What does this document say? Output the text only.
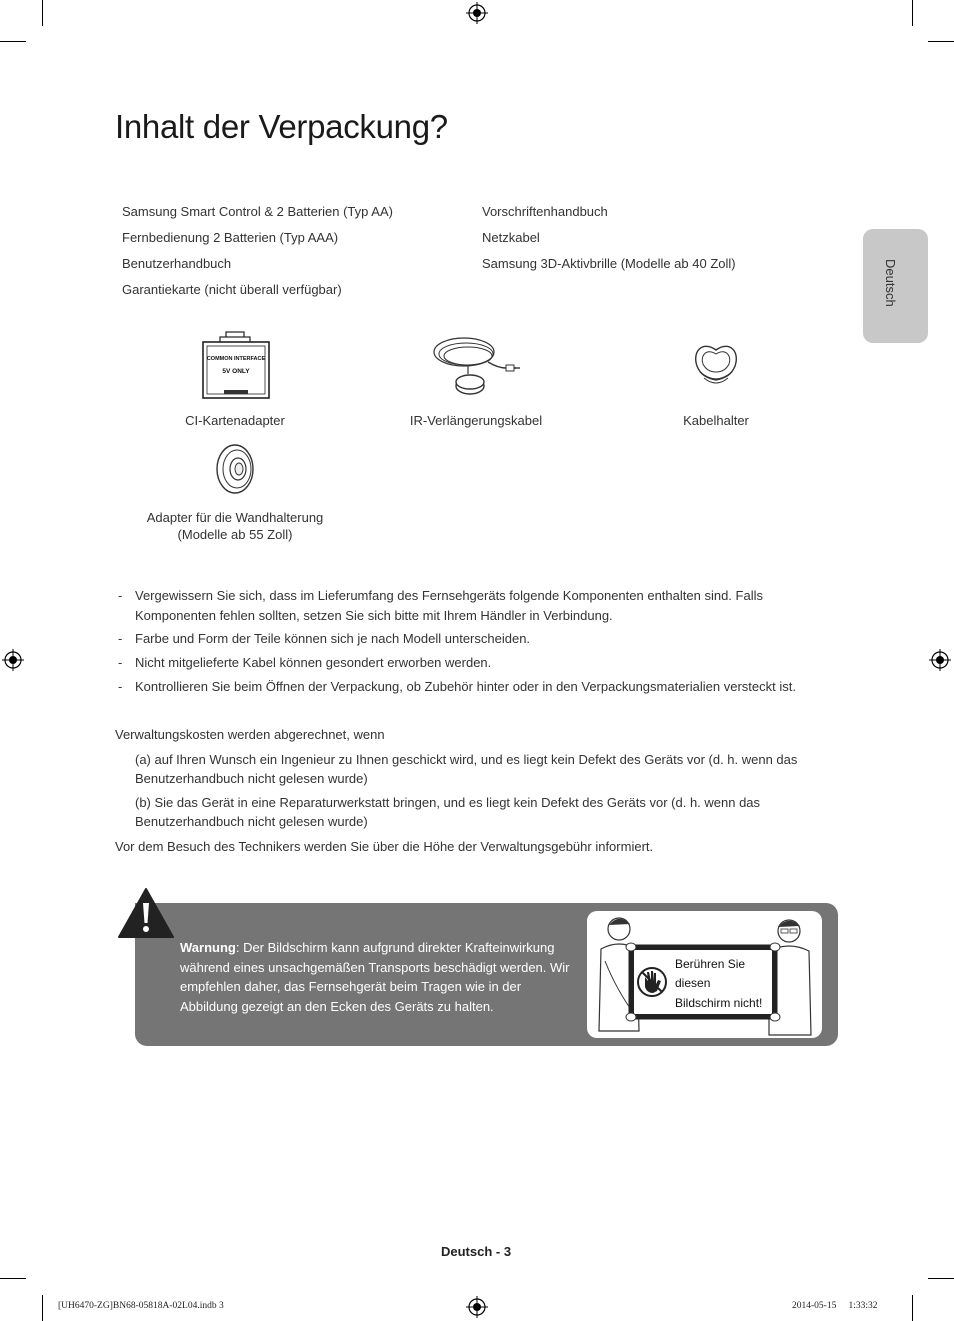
Inhalt der Verpackung?
Deutsch
Samsung Smart Control & 2 Batterien (Typ AA)
Fernbedienung 2 Batterien (Typ AAA)
Benutzerhandbuch
Garantiekarte (nicht überall verfügbar)
Vorschriftenhandbuch
Netzkabel
Samsung 3D-Aktivbrille (Modelle ab 40 Zoll)
COMMON INTERFACE
5V ONLY
CI-Kartenadapter	IR-Verlängerungskabel	Kabelhalter
Adapter für die Wandhalterung
(Modelle ab 55 Zoll)
- Vergewissern Sie sich, dass im Lieferumfang des Fernsehgeräts folgende Komponenten enthalten sind. Falls Komponenten fehlen sollten, setzen Sie sich bitte mit Ihrem Händler in Verbindung.
- Farbe und Form der Teile können sich je nach Modell unterscheiden.
- Nicht mitgelieferte Kabel können gesondert erworben werden.
- Kontrollieren Sie beim Öffnen der Verpackung, ob Zubehör hinter oder in den Verpackungsmaterialien versteckt ist.
Verwaltungskosten werden abgerechnet, wenn
(a) auf Ihren Wunsch ein Ingenieur zu Ihnen geschickt wird, und es liegt kein Defekt des Geräts vor (d. h. wenn das Benutzerhandbuch nicht gelesen wurde)
(b) Sie das Gerät in eine Reparaturwerkstatt bringen, und es liegt kein Defekt des Geräts vor (d. h. wenn das Benutzerhandbuch nicht gelesen wurde)
Vor dem Besuch des Technikers werden Sie über die Höhe der Verwaltungsgebühr informiert.
Warnung: Der Bildschirm kann aufgrund direkter Krafteinwirkung während eines unsachgemäßen Transports beschädigt werden. Wir empfehlen daher, das Fernsehgerät beim Tragen wie in der Abbildung gezeigt an den Ecken des Geräts zu halten.
Berühren Sie
diesen
Bildschirm nicht!
Deutsch - 3
[UH6470-ZG]BN68-05818A-02L04.indb 3	2014-05-15 ﾟ 1:33:32
